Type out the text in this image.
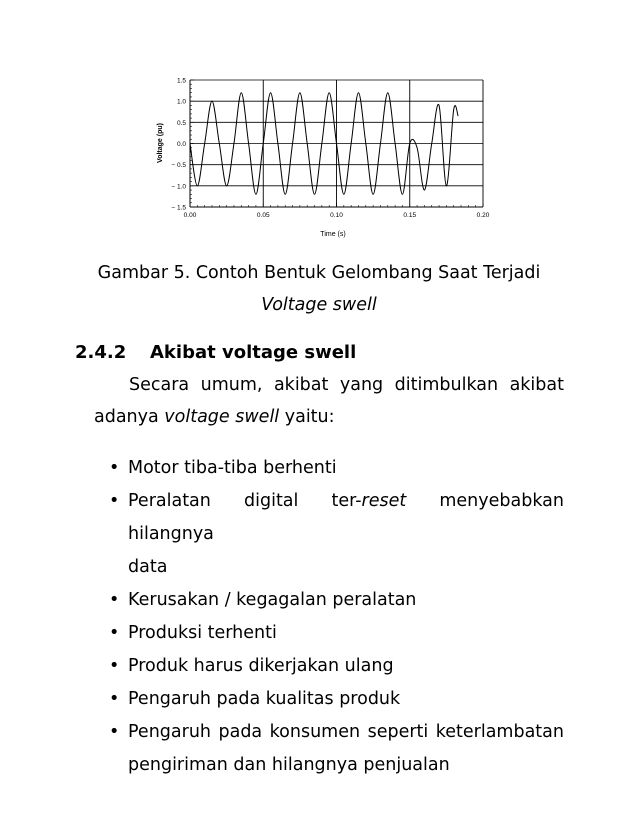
1.5
1.0
0.5
0.0
− 0.5
− 1.0
− 1.5
0.00	0.05	0.10	0.15	0.20
Voltage (pu)
Time (s)
Gambar 5. Contoh Bentuk Gelombang Saat Terjadi
Voltage swell
2.4.2 Akibat voltage swell
Secara umum, akibat yang ditimbulkan akibat
adanya voltage swell yaitu:
• Motor tiba-tiba berhenti
• Peralatan digital ter-reset menyebabkan hilangnya
data
• Kerusakan / kegagalan peralatan
• Produksi terhenti
• Produk harus dikerjakan ulang
• Pengaruh pada kualitas produk
• Pengaruh pada konsumen seperti keterlambatan
pengiriman dan hilangnya penjualan
